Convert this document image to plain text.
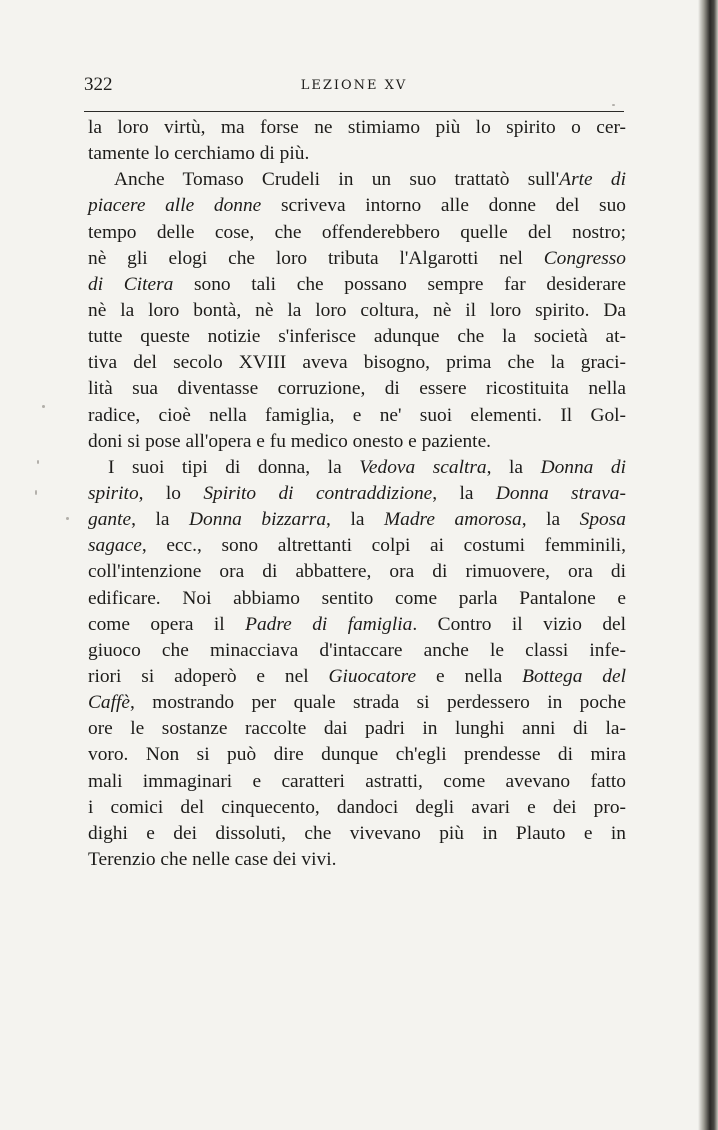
322	LEZIONE XV
la loro virtù, ma forse ne stimiamo più lo spirito o cer-
tamente lo cerchiamo di più.
Anche Tomaso Crudeli in un suo trattatò sull'Arte di
piacere alle donne scriveva intorno alle donne del suo
tempo delle cose, che offenderebbero quelle del nostro;
nè gli elogi che loro tributa l'Algarotti nel Congresso
di Citera sono tali che possano sempre far desiderare
nè la loro bontà, nè la loro coltura, nè il loro spirito. Da
tutte queste notizie s'inferisce adunque che la società at-
tiva del secolo XVIII aveva bisogno, prima che la graci-
lità sua diventasse corruzione, di essere ricostituita nella
radice, cioè nella famiglia, e ne' suoi elementi. Il Gol-
doni si pose all'opera e fu medico onesto e paziente.
I suoi tipi di donna, la Vedova scaltra, la Donna di
spirito, lo Spirito di contraddizione, la Donna strava-
gante, la Donna bizzarra, la Madre amorosa, la Sposa
sagace, ecc., sono altrettanti colpi ai costumi femminili,
coll'intenzione ora di abbattere, ora di rimuovere, ora di
edificare. Noi abbiamo sentito come parla Pantalone e
come opera il Padre di famiglia. Contro il vizio del
giuoco che minacciava d'intaccare anche le classi infe-
riori si adoperò e nel Giuocatore e nella Bottega del
Caffè, mostrando per quale strada si perdessero in poche
ore le sostanze raccolte dai padri in lunghi anni di la-
voro. Non si può dire dunque ch'egli prendesse di mira
mali immaginari e caratteri astratti, come avevano fatto
i comici del cinquecento, dandoci degli avari e dei pro-
dighi e dei dissoluti, che vivevano più in Plauto e in
Terenzio che nelle case dei vivi.
